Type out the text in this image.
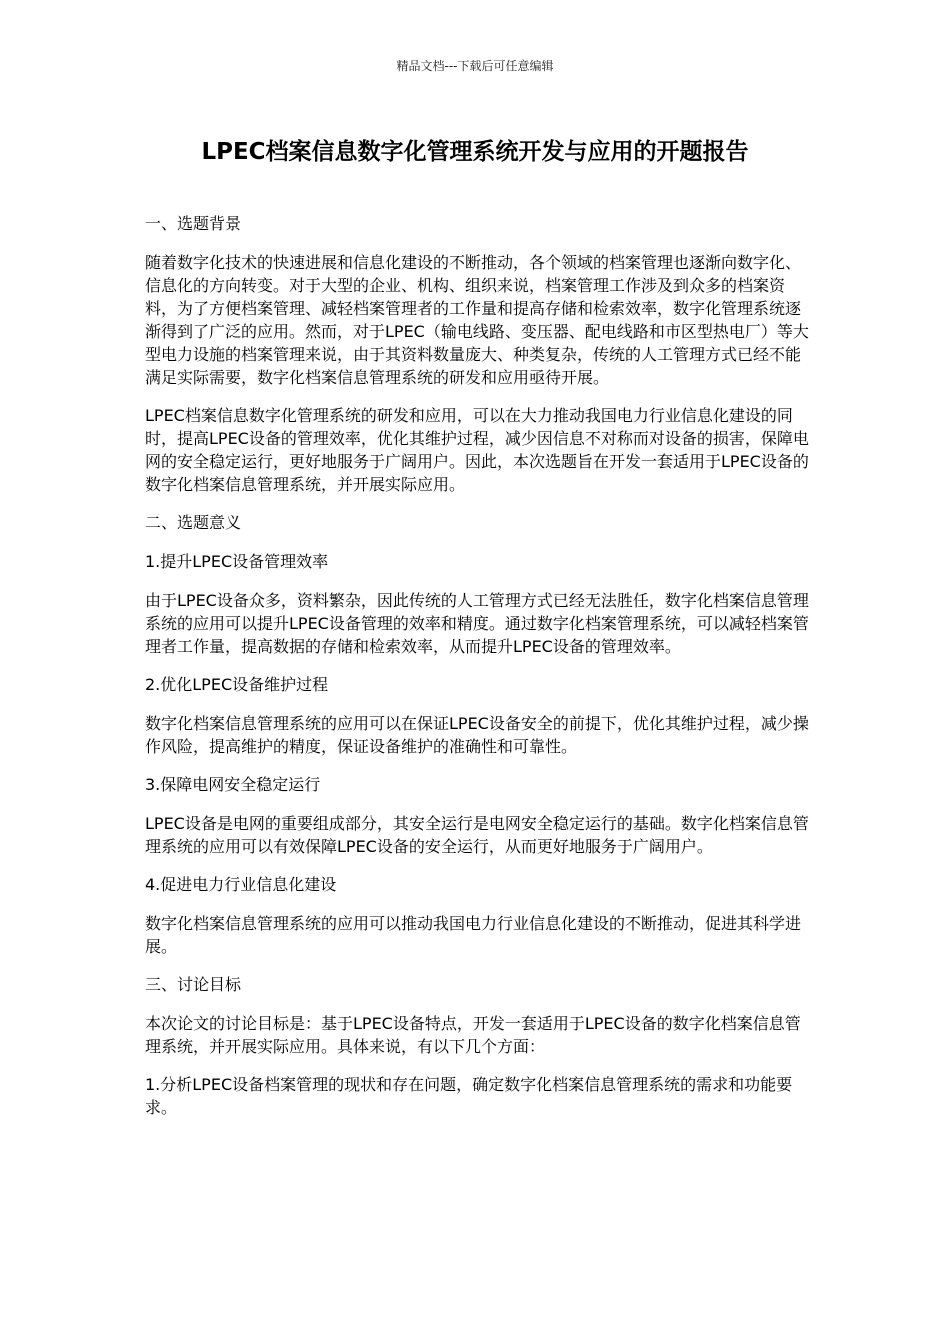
精品文档---下载后可任意编辑
LPEC档案信息数字化管理系统开发与应用的开题报告

一、选题背景

随着数字化技术的快速进展和信息化建设的不断推动，各个领域的档案管理也逐渐向数字化、信息化的方向转变。对于大型的企业、机构、组织来说，档案管理工作涉及到众多的档案资料，为了方便档案管理、减轻档案管理者的工作量和提高存储和检索效率，数字化管理系统逐渐得到了广泛的应用。然而，对于LPEC（输电线路、变压器、配电线路和市区型热电厂）等大型电力设施的档案管理来说，由于其资料数量庞大、种类复杂，传统的人工管理方式已经不能满足实际需要，数字化档案信息管理系统的研发和应用亟待开展。

LPEC档案信息数字化管理系统的研发和应用，可以在大力推动我国电力行业信息化建设的同时，提高LPEC设备的管理效率，优化其维护过程，减少因信息不对称而对设备的损害，保障电网的安全稳定运行，更好地服务于广阔用户。因此，本次选题旨在开发一套适用于LPEC设备的数字化档案信息管理系统，并开展实际应用。

二、选题意义

1.提升LPEC设备管理效率

由于LPEC设备众多，资料繁杂，因此传统的人工管理方式已经无法胜任，数字化档案信息管理系统的应用可以提升LPEC设备管理的效率和精度。通过数字化档案管理系统，可以减轻档案管理者工作量，提高数据的存储和检索效率，从而提升LPEC设备的管理效率。

2.优化LPEC设备维护过程

数字化档案信息管理系统的应用可以在保证LPEC设备安全的前提下，优化其维护过程，减少操作风险，提高维护的精度，保证设备维护的准确性和可靠性。

3.保障电网安全稳定运行

LPEC设备是电网的重要组成部分，其安全运行是电网安全稳定运行的基础。数字化档案信息管理系统的应用可以有效保障LPEC设备的安全运行，从而更好地服务于广阔用户。

4.促进电力行业信息化建设

数字化档案信息管理系统的应用可以推动我国电力行业信息化建设的不断推动，促进其科学进展。

三、讨论目标

本次论文的讨论目标是：基于LPEC设备特点，开发一套适用于LPEC设备的数字化档案信息管理系统，并开展实际应用。具体来说，有以下几个方面：

1.分析LPEC设备档案管理的现状和存在问题，确定数字化档案信息管理系统的需求和功能要求。
